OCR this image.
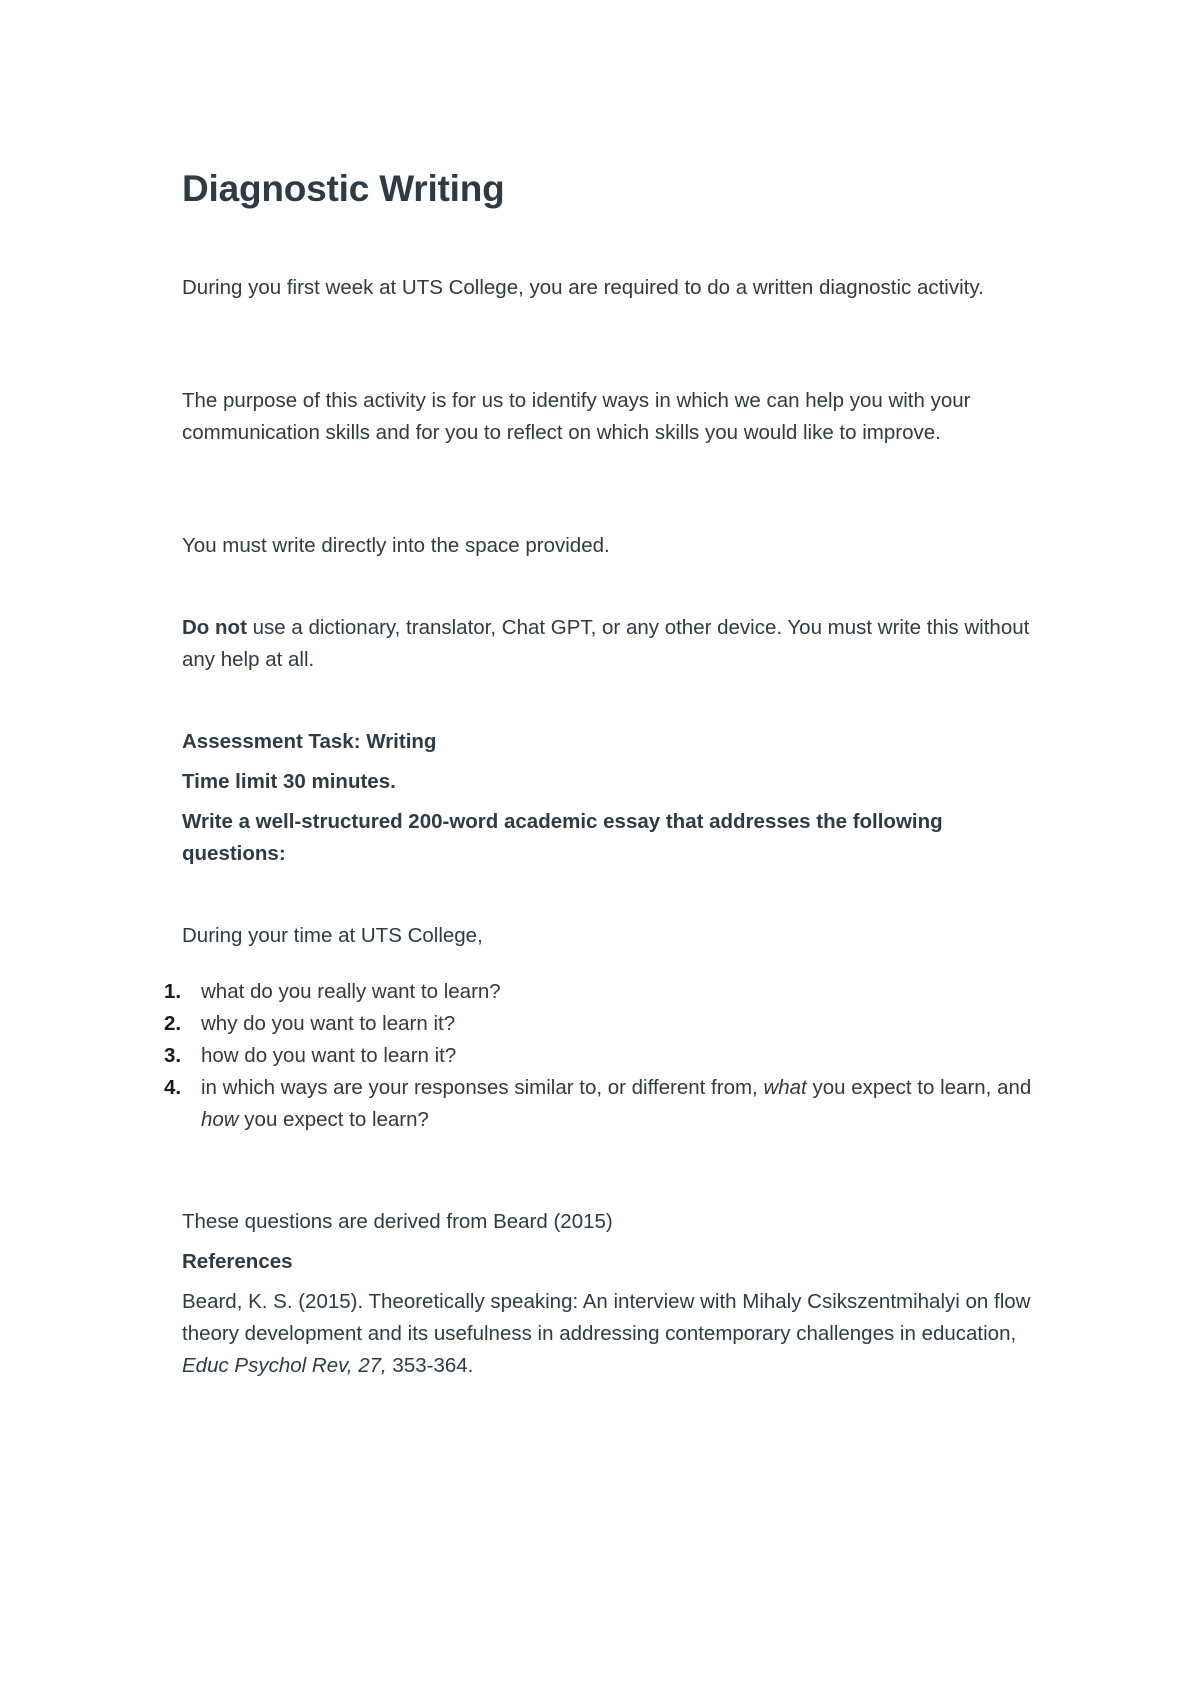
Diagnostic Writing

During you first week at UTS College, you are required to do a written diagnostic activity.

The purpose of this activity is for us to identify ways in which we can help you with your communication skills and for you to reflect on which skills you would like to improve.

You must write directly into the space provided.

Do not use a dictionary, translator, Chat GPT, or any other device. You must write this without any help at all.

Assessment Task: Writing

Time limit 30 minutes.

Write a well-structured 200-word academic essay that addresses the following questions:

During your time at UTS College,

1. what do you really want to learn?
2. why do you want to learn it?
3. how do you want to learn it?
4. in which ways are your responses similar to, or different from, what you expect to learn, and how you expect to learn?

These questions are derived from Beard (2015)

References

Beard, K. S. (2015). Theoretically speaking: An interview with Mihaly Csikszentmihalyi on flow theory development and its usefulness in addressing contemporary challenges in education, Educ Psychol Rev, 27, 353-364.
